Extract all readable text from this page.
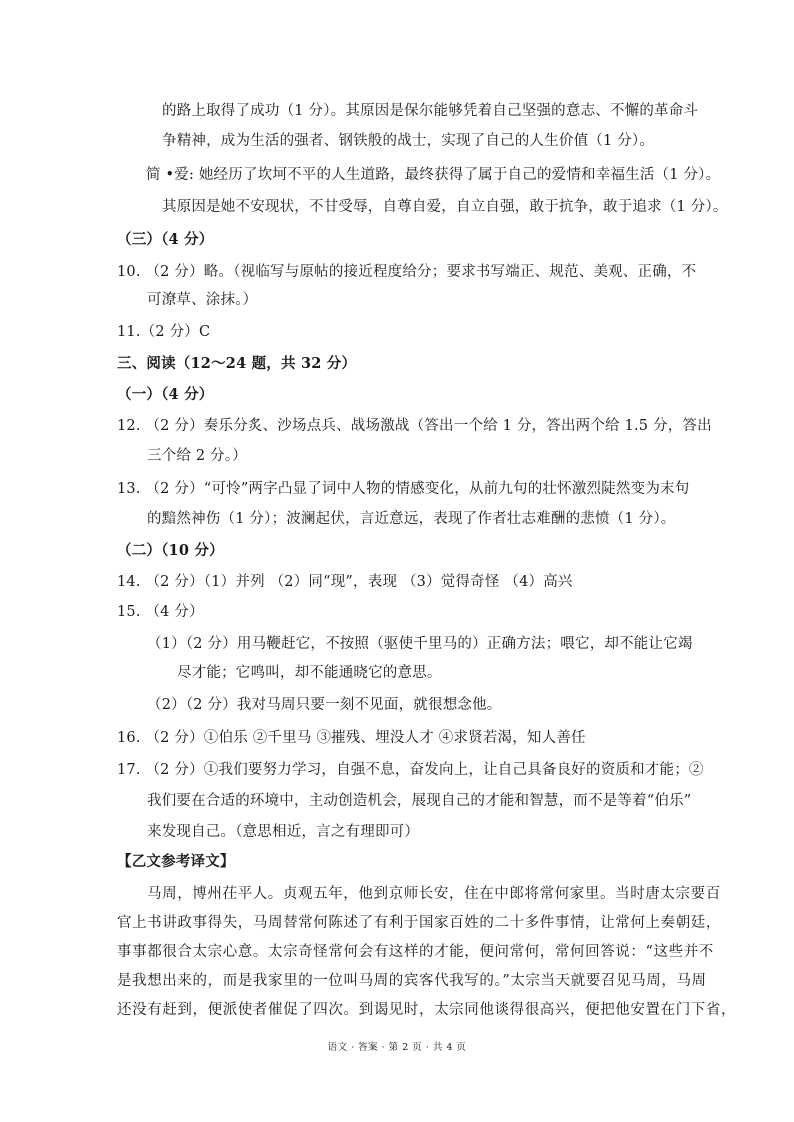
的路上取得了成功（1 分）。其原因是保尔能够凭着自己坚强的意志、不懈的革命斗
争精神，成为生活的强者、钢铁般的战士，实现了自己的人生价值（1 分）。
简 •爱: 她经历了坎坷不平的人生道路，最终获得了属于自己的爱情和幸福生活（1 分）。
其原因是她不安现状，不甘受辱，自尊自爱，自立自强，敢于抗争，敢于追求（1 分）。
（三）（4 分）
10. （2 分）略。（视临写与原帖的接近程度给分；要求书写端正、规范、美观、正确，不
可潦草、涂抹。）
11.（2 分）C
三、阅读（12～24 题，共 32 分）
（一）（4 分）
12. （2 分）奏乐分炙、沙场点兵、战场激战（答出一个给 1 分，答出两个给 1.5 分，答出
三个给 2 分。）
13. （2 分）“可怜”两字凸显了词中人物的情感变化，从前九句的壮怀激烈陡然变为末句
的黯然神伤（1 分）；波澜起伏，言近意远，表现了作者壮志难酬的悲愤（1 分）。
（二）（10 分）
14. （2 分）（1）并列 （2）同“现”，表现 （3）觉得奇怪 （4）高兴
15. （4 分）
（1）（2 分）用马鞭赶它，不按照（驱使千里马的）正确方法；喂它，却不能让它竭
尽才能；它鸣叫，却不能通晓它的意思。
（2）（2 分）我对马周只要一刻不见面，就很想念他。
16. （2 分）①伯乐 ②千里马 ③摧残、埋没人才 ④求贤若渴，知人善任
17. （2 分）①我们要努力学习，自强不息，奋发向上，让自己具备良好的资质和才能；②
我们要在合适的环境中，主动创造机会，展现自己的才能和智慧，而不是等着“伯乐”
来发现自己。（意思相近，言之有理即可）
【乙文参考译文】
马周，博州茌平人。贞观五年，他到京师长安，住在中郎将常何家里。当时唐太宗要百
官上书讲政事得失，马周替常何陈述了有利于国家百姓的二十多件事情，让常何上奏朝廷，
事事都很合太宗心意。太宗奇怪常何会有这样的才能，便问常何，常何回答说：“这些并不
是我想出来的，而是我家里的一位叫马周的宾客代我写的。”太宗当天就要召见马周，马周
还没有赶到，便派使者催促了四次。到谒见时，太宗同他谈得很高兴，便把他安置在门下省，
语文 · 答案 · 第 2 页 · 共 4 页
